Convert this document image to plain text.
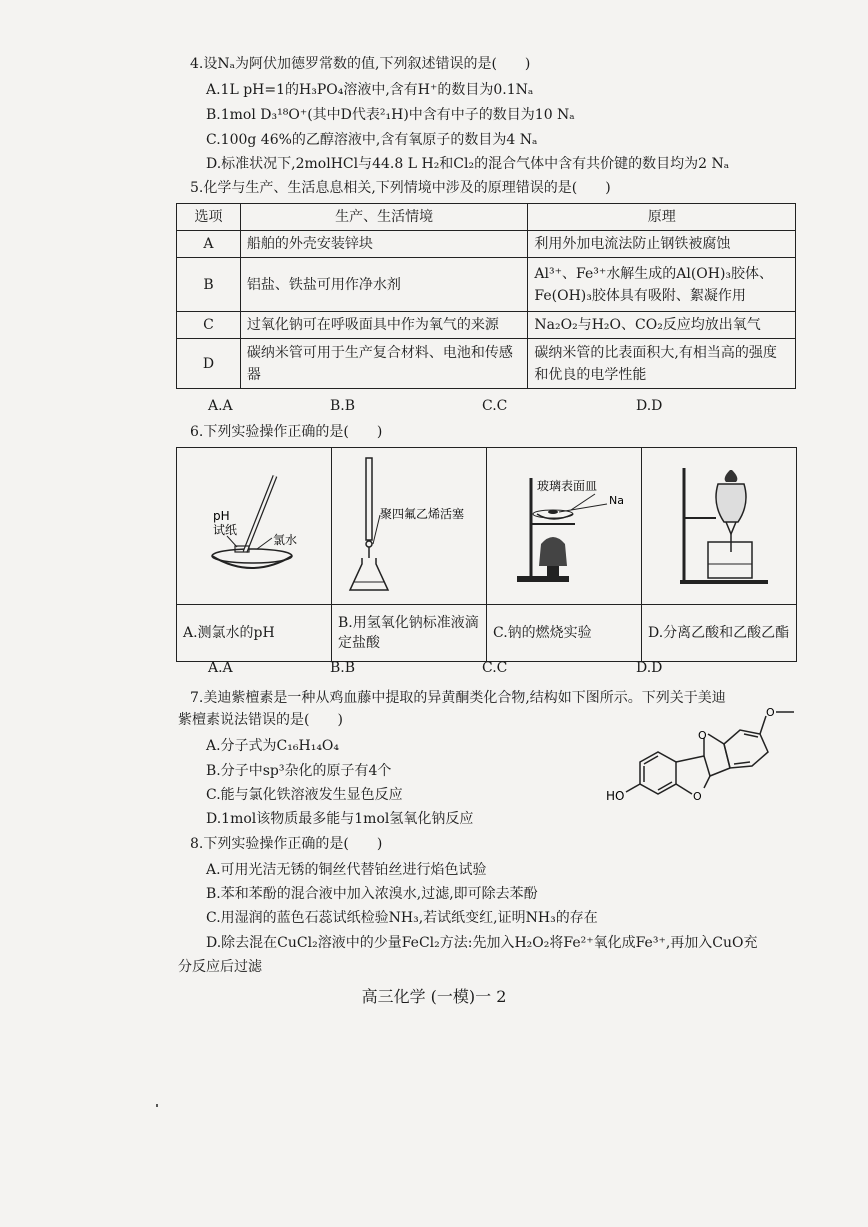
4.设Nₐ为阿伏加德罗常数的值,下列叙述错误的是(　　)
A.1L pH=1的H₃PO₄溶液中,含有H⁺的数目为0.1Nₐ
B.1mol D₃¹⁸O⁺(其中D代表²₁H)中含有中子的数目为10 Nₐ
C.100g 46%的乙醇溶液中,含有氧原子的数目为4 Nₐ
D.标准状况下,2molHCl与44.8 L H₂和Cl₂的混合气体中含有共价键的数目均为2 Nₐ
5.化学与生产、生活息息相关,下列情境中涉及的原理错误的是(　　)
选项	生产、生活情境	原理
A	船舶的外壳安装锌块	利用外加电流法防止钢铁被腐蚀
B	铝盐、铁盐可用作净水剂	Al³⁺、Fe³⁺水解生成的Al(OH)₃胶体、Fe(OH)₃胶体具有吸附、絮凝作用
C	过氧化钠可在呼吸面具中作为氧气的来源	Na₂O₂与H₂O、CO₂反应均放出氧气
D	碳纳米管可用于生产复合材料、电池和传感器	碳纳米管的比表面积大,有相当高的强度和优良的电学性能
A.A	B.B	C.C	D.D
6.下列实验操作正确的是(　　)
pH
试纸
氯水	聚四氟乙烯活塞	玻璃表面皿
Na

A.测氯水的pH	B.用氢氧化钠标准液滴定盐酸	C.钠的燃烧实验	D.分离乙酸和乙酸乙酯
A.A	B.B	C.C	D.D
7.美迪紫檀素是一种从鸡血藤中提取的异黄酮类化合物,结构如下图所示。下列关于美迪
紫檀素说法错误的是(　　)
A.分子式为C₁₆H₁₄O₄
B.分子中sp³杂化的原子有4个
C.能与氯化铁溶液发生显色反应
D.1mol该物质最多能与1mol氢氧化钠反应
O
O
O
HO
8.下列实验操作正确的是(　　)
A.可用光洁无锈的铜丝代替铂丝进行焰色试验
B.苯和苯酚的混合液中加入浓溴水,过滤,即可除去苯酚
C.用湿润的蓝色石蕊试纸检验NH₃,若试纸变红,证明NH₃的存在
D.除去混在CuCl₂溶液中的少量FeCl₂方法:先加入H₂O₂将Fe²⁺氧化成Fe³⁺,再加入CuO充
分反应后过滤
高三化学 (一模)一 2
